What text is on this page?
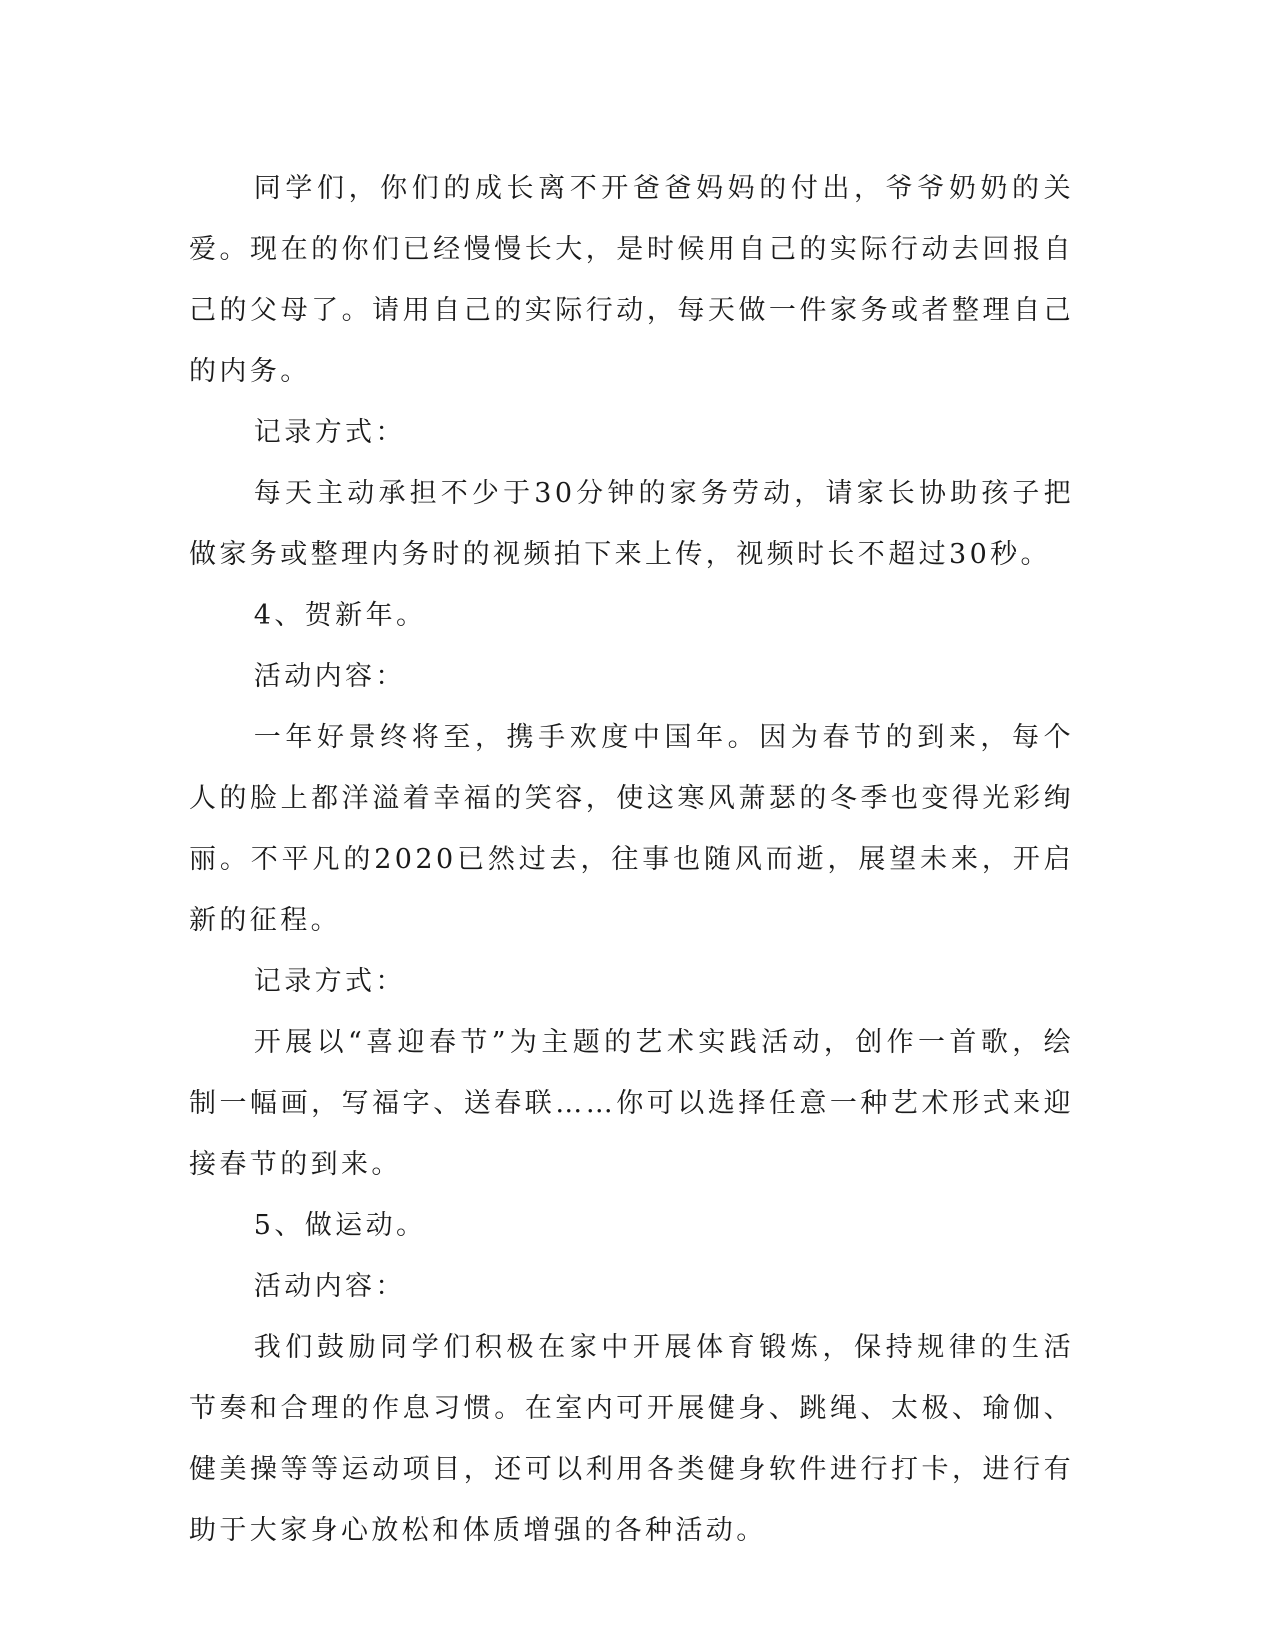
同学们，你们的成长离不开爸爸妈妈的付出，爷爷奶奶的关爱。现在的你们已经慢慢长大，是时候用自己的实际行动去回报自己的父母了。请用自己的实际行动，每天做一件家务或者整理自己的内务。

记录方式：

每天主动承担不少于30分钟的家务劳动，请家长协助孩子把做家务或整理内务时的视频拍下来上传，视频时长不超过30秒。

4、贺新年。

活动内容：

一年好景终将至，携手欢度中国年。因为春节的到来，每个人的脸上都洋溢着幸福的笑容，使这寒风萧瑟的冬季也变得光彩绚丽。不平凡的2020已然过去，往事也随风而逝，展望未来，开启新的征程。

记录方式：

开展以“喜迎春节”为主题的艺术实践活动，创作一首歌，绘制一幅画，写福字、送春联……你可以选择任意一种艺术形式来迎接春节的到来。

5、做运动。

活动内容：

我们鼓励同学们积极在家中开展体育锻炼，保持规律的生活节奏和合理的作息习惯。在室内可开展健身、跳绳、太极、瑜伽、健美操等等运动项目，还可以利用各类健身软件进行打卡，进行有助于大家身心放松和体质增强的各种活动。
